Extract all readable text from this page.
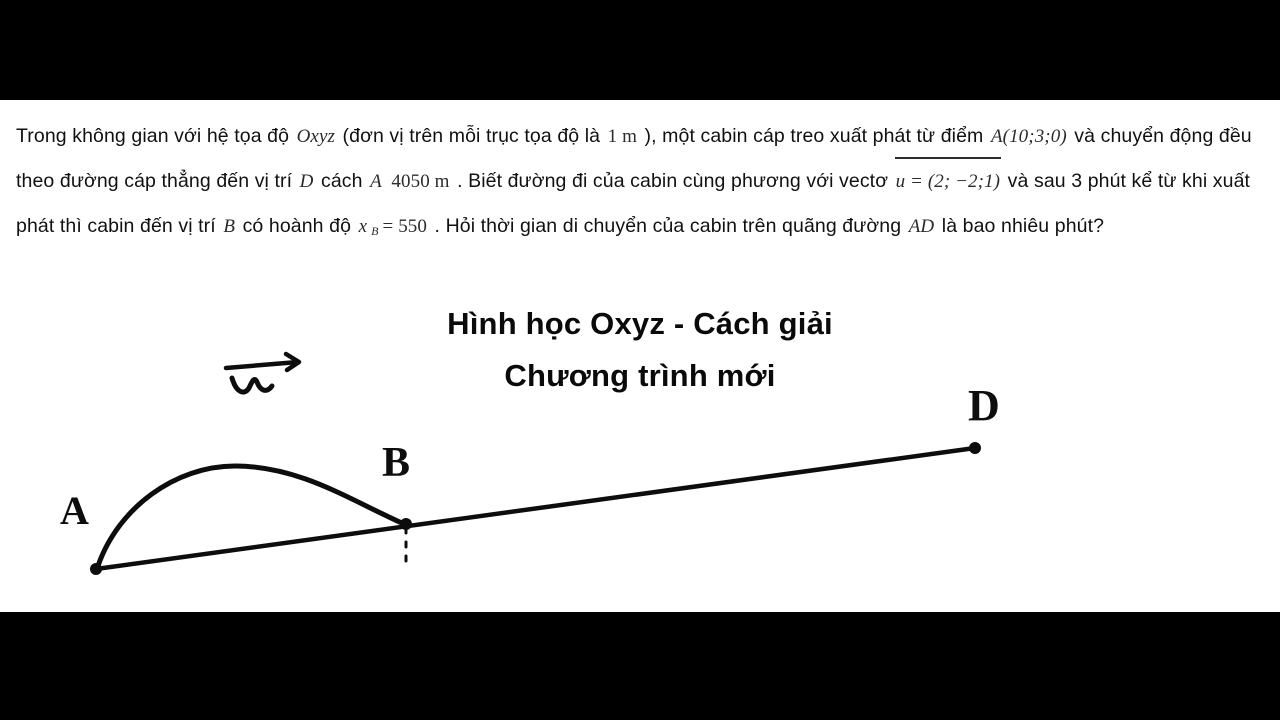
Trong không gian với hệ tọa độ Oxyz (đơn vị trên mỗi trục tọa độ là 1 m ), một cabin cáp treo xuất phát từ điểm A(10;3;0) và chuyển động đều theo đường cáp thẳng đến vị trí D cách A 4050 m . Biết đường đi của cabin cùng phương với vectơ u = (2; −2;1) và sau 3 phút kể từ khi xuất phát thì cabin đến vị trí B có hoành độ x $_B$ = 550 . Hỏi thời gian di chuyển của cabin trên quãng đường AD là bao nhiêu phút?
Hình học Oxyz - Cách giải
Chương trình mới
A
B
D
